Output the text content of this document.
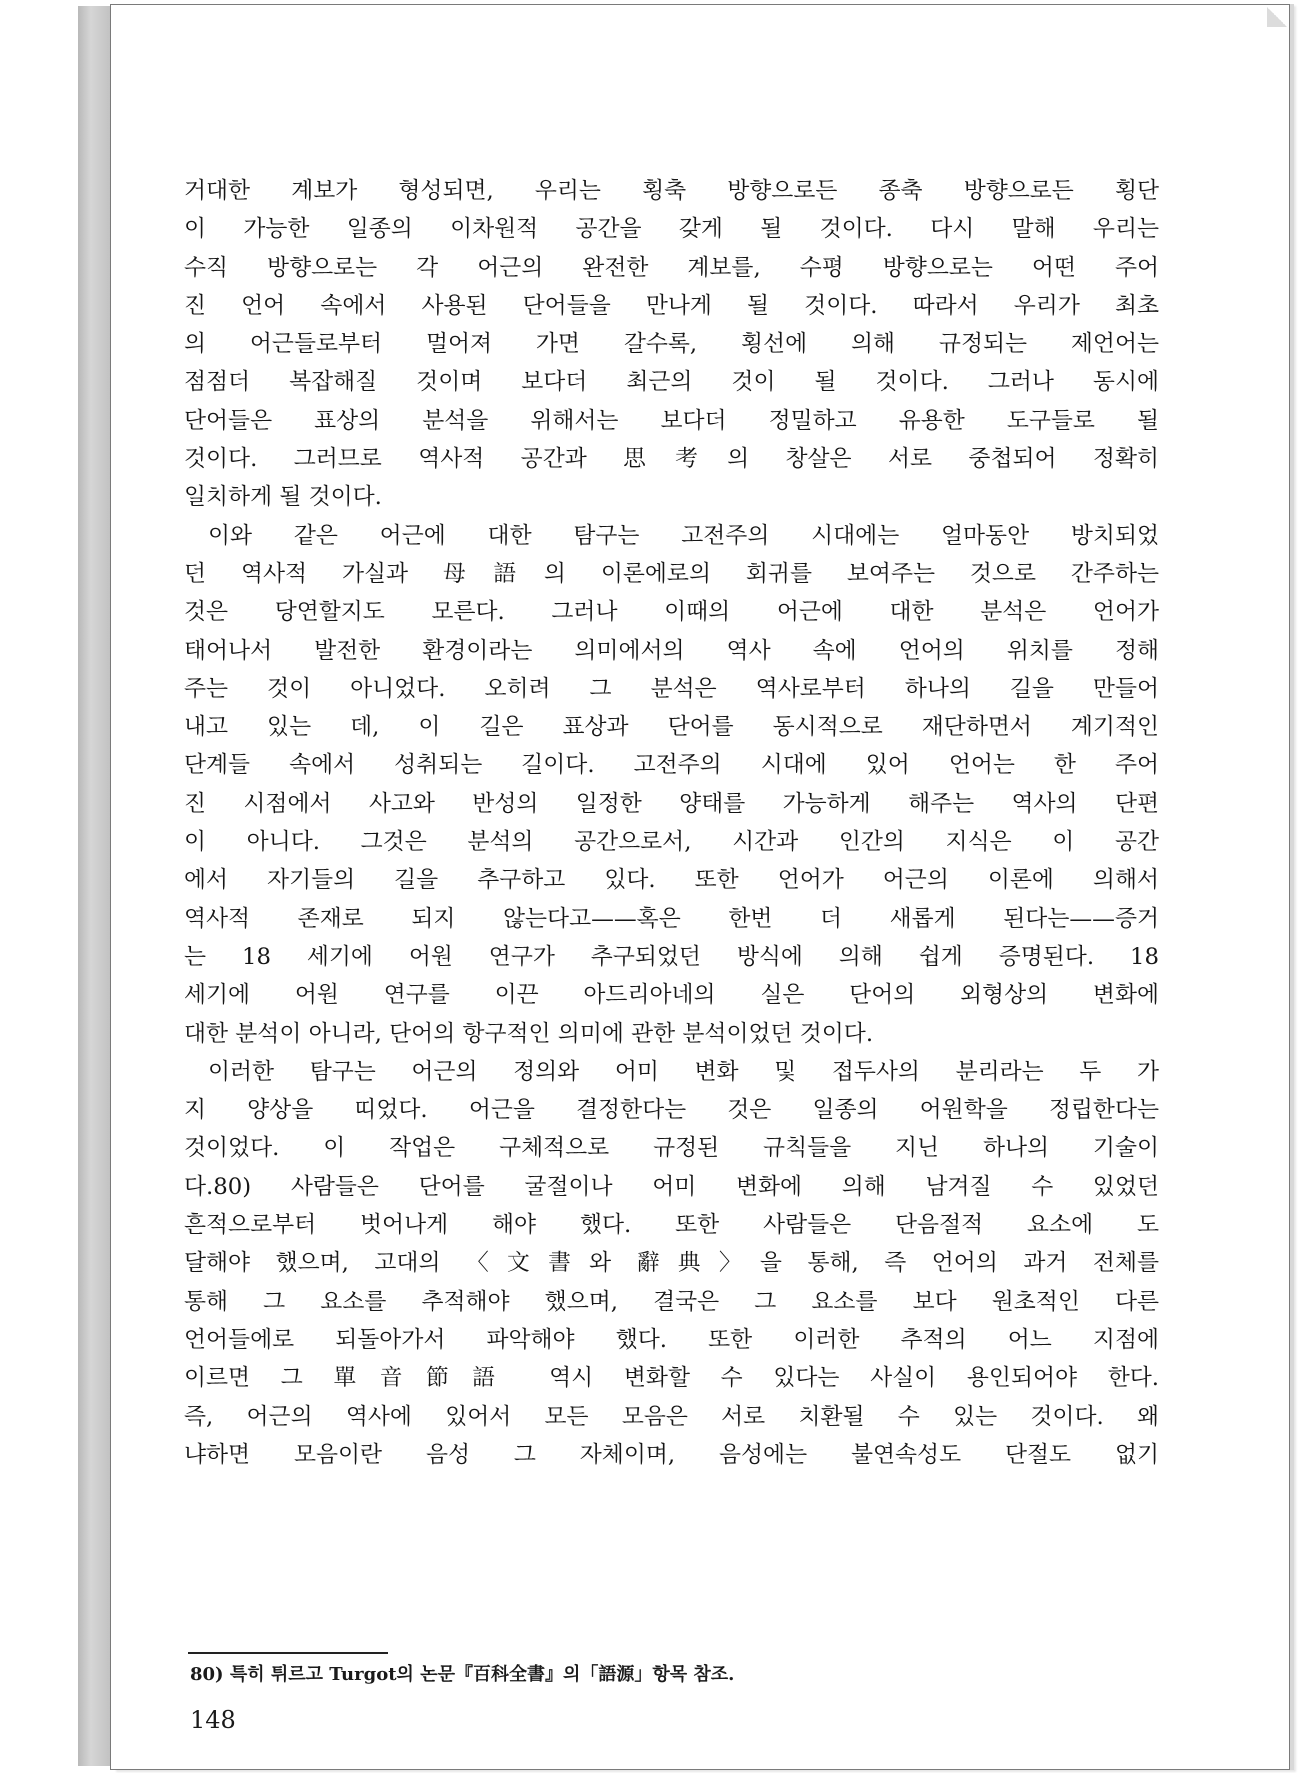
거대한 계보가 형성되면, 우리는 횡축 방향으로든 종축 방향으로든 횡단
이 가능한 일종의 이차원적 공간을 갖게 될 것이다. 다시 말해 우리는
수직 방향으로는 각 어근의 완전한 계보를, 수평 방향으로는 어떤 주어
진 언어 속에서 사용된 단어들을 만나게 될 것이다. 따라서 우리가 최초
의 어근들로부터 멀어져 가면 갈수록, 횡선에 의해 규정되는 제언어는
점점더 복잡해질 것이며 보다더 최근의 것이 될 것이다. 그러나 동시에
단어들은 표상의 분석을 위해서는 보다더 정밀하고 유용한 도구들로 될
것이다. 그러므로 역사적 공간과 思考의 창살은 서로 중첩되어 정확히
일치하게 될 것이다.
이와 같은 어근에 대한 탐구는 고전주의 시대에는 얼마동안 방치되었
던 역사적 가실과 母語의 이론에로의 회귀를 보여주는 것으로 간주하는
것은 당연할지도 모른다. 그러나 이때의 어근에 대한 분석은 언어가
태어나서 발전한 환경이라는 의미에서의 역사 속에 언어의 위치를 정해
주는 것이 아니었다. 오히려 그 분석은 역사로부터 하나의 길을 만들어
내고 있는 데, 이 길은 표상과 단어를 동시적으로 재단하면서 계기적인
단계들 속에서 성취되는 길이다. 고전주의 시대에 있어 언어는 한 주어
진 시점에서 사고와 반성의 일정한 양태를 가능하게 해주는 역사의 단편
이 아니다. 그것은 분석의 공간으로서, 시간과 인간의 지식은 이 공간
에서 자기들의 길을 추구하고 있다. 또한 언어가 어근의 이론에 의해서
역사적 존재로 되지 않는다고——혹은 한번 더 새롭게 된다는——증거
는 18 세기에 어원 연구가 추구되었던 방식에 의해 쉽게 증명된다. 18
세기에 어원 연구를 이끈 아드리아네의 실은 단어의 외형상의 변화에
대한 분석이 아니라, 단어의 항구적인 의미에 관한 분석이었던 것이다.
이러한 탐구는 어근의 정의와 어미 변화 및 접두사의 분리라는 두 가
지 양상을 띠었다. 어근을 결정한다는 것은 일종의 어원학을 정립한다는
것이었다. 이 작업은 구체적으로 규정된 규칙들을 지닌 하나의 기술이
다.80) 사람들은 단어를 굴절이나 어미 변화에 의해 남겨질 수 있었던
흔적으로부터 벗어나게 해야 했다. 또한 사람들은 단음절적 요소에 도
달해야 했으며, 고대의 〈文書와 辭典〉을 통해, 즉 언어의 과거 전체를
통해 그 요소를 추적해야 했으며, 결국은 그 요소를 보다 원초적인 다른
언어들에로 되돌아가서 파악해야 했다. 또한 이러한 추적의 어느 지점에
이르면 그 單音節語 역시 변화할 수 있다는 사실이 용인되어야 한다.
즉, 어근의 역사에 있어서 모든 모음은 서로 치환될 수 있는 것이다. 왜
냐하면 모음이란 음성 그 자체이며, 음성에는 불연속성도 단절도 없기
80) 특히 튀르고 Turgot의 논문『百科全書』의「語源」항목 참조.
148
